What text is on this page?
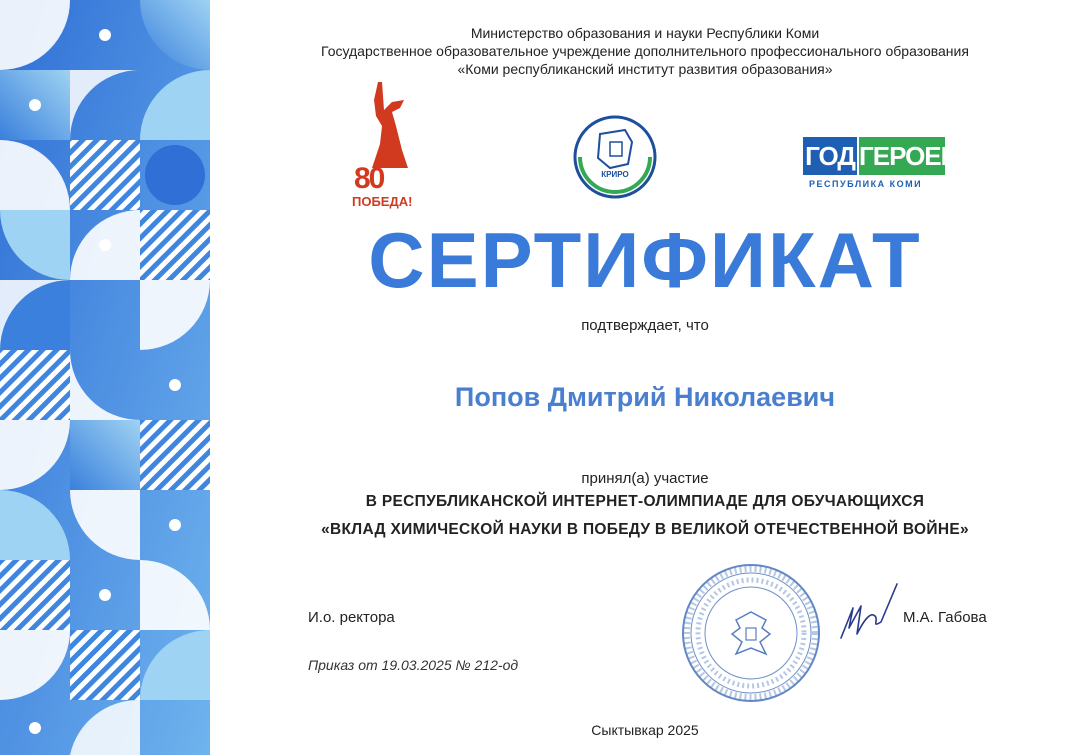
Министерство образования и науки Республики Коми
Государственное образовательное учреждение дополнительного профессионального образования
«Коми республиканский институт развития образования»
80
ПОБЕДА!
КРИРО
ГОД ГЕРОЕВ
РЕСПУБЛИКА КОМИ
СЕРТИФИКАТ
подтверждает, что
Попов Дмитрий Николаевич
принял(а) участие
В РЕСПУБЛИКАНСКОЙ ИНТЕРНЕТ-ОЛИМПИАДЕ ДЛЯ ОБУЧАЮЩИХСЯ
«ВКЛАД ХИМИЧЕСКОЙ НАУКИ В ПОБЕДУ В ВЕЛИКОЙ ОТЕЧЕСТВЕННОЙ ВОЙНЕ»
И.о. ректора	М.А. Габова
Приказ от 19.03.2025 № 212-од
Сыктывкар 2025
